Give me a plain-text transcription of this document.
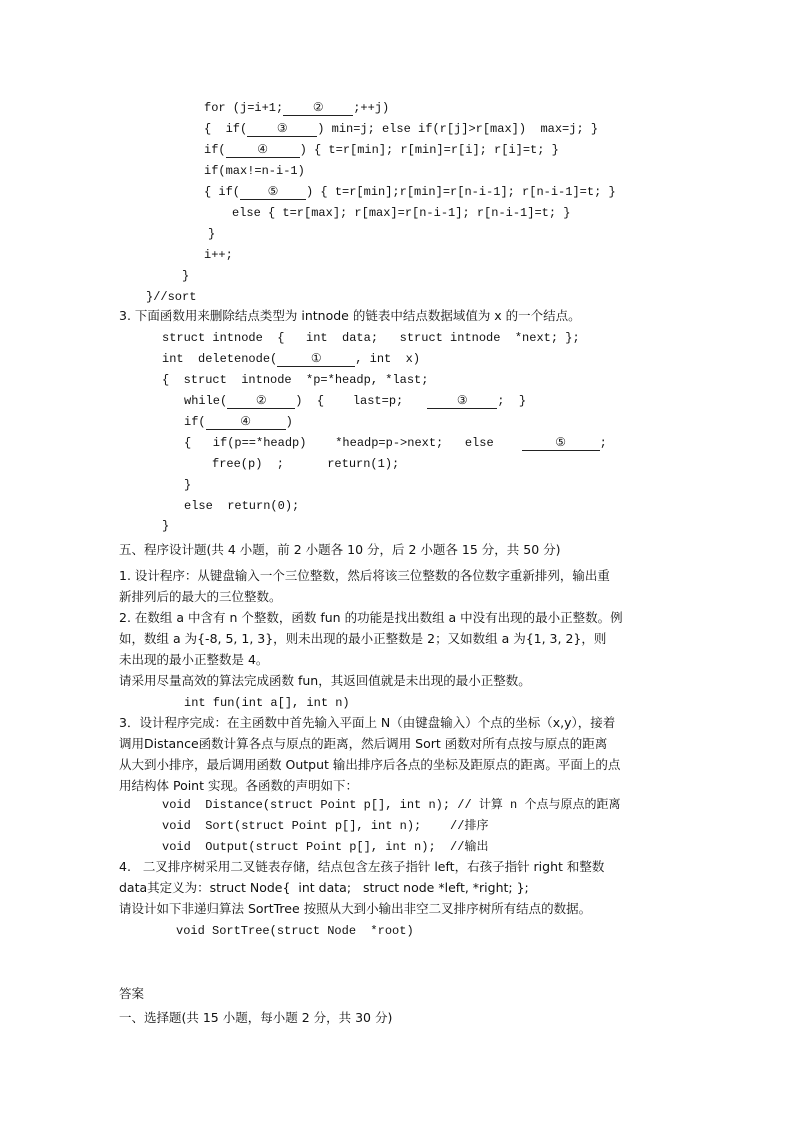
for (j=i+1; ② ;++j)
{  if( ③ ) min=j; else if(r[j]>r[max])  max=j; }
if(	④	) { t=r[min]; r[min]=r[i]; r[i]=t; }
if(max!=n-i-1)
{ if( ⑤ ) { t=r[min];r[min]=r[n-i-1]; r[n-i-1]=t; }
else { t=r[max]; r[max]=r[n-i-1]; r[n-i-1]=t; }
}
i++;
}
}//sort
3. 下面函数用来删除结点类型为 intnode 的链表中结点数据域值为 x 的一个结点。
struct intnode  {   int  data;   struct intnode  *next; };
int  deletenode(	①	, int  x)
{  struct  intnode  *p=*headp, *last;
while( ② )  {    last=p;	③ ;  }
if(	④	)
{   if(p==*headp)    *headp=p->next;   else	⑤	;
free(p)  ;      return(1);
}
else  return(0);
}
五、程序设计题(共 4 小题，前 2 小题各 10 分，后 2 小题各 15 分，共 50 分)
1. 设计程序：从键盘输入一个三位整数，然后将该三位整数的各位数字重新排列，输出重
新排列后的最大的三位整数。
2. 在数组 a 中含有 n 个整数，函数 fun 的功能是找出数组 a 中没有出现的最小正整数。例
如，数组 a 为{-8, 5, 1, 3}，则未出现的最小正整数是 2；又如数组 a 为{1, 3, 2}，则
未出现的最小正整数是 4。
请采用尽量高效的算法完成函数 fun，其返回值就是未出现的最小正整数。
int fun(int a[], int n)
3．设计程序完成：在主函数中首先输入平面上 N（由键盘输入）个点的坐标（x,y），接着
调用Distance函数计算各点与原点的距离，然后调用 Sort 函数对所有点按与原点的距离
从大到小排序，最后调用函数 Output 输出排序后各点的坐标及距原点的距离。平面上的点
用结构体 Point 实现。各函数的声明如下：
void  Distance(struct Point p[], int n); // 计算 n 个点与原点的距离
void  Sort(struct Point p[], int n);    //排序
void  Output(struct Point p[], int n);  //输出
4.   二叉排序树采用二叉链表存储，结点包含左孩子指针 left，右孩子指针 right 和整数
data其定义为：struct Node{  int data;   struct node *left, *right; };
请设计如下非递归算法 SortTree 按照从大到小输出非空二叉排序树所有结点的数据。
void SortTree(struct Node  *root)
答案
一、选择题(共 15 小题，每小题 2 分，共 30 分)
